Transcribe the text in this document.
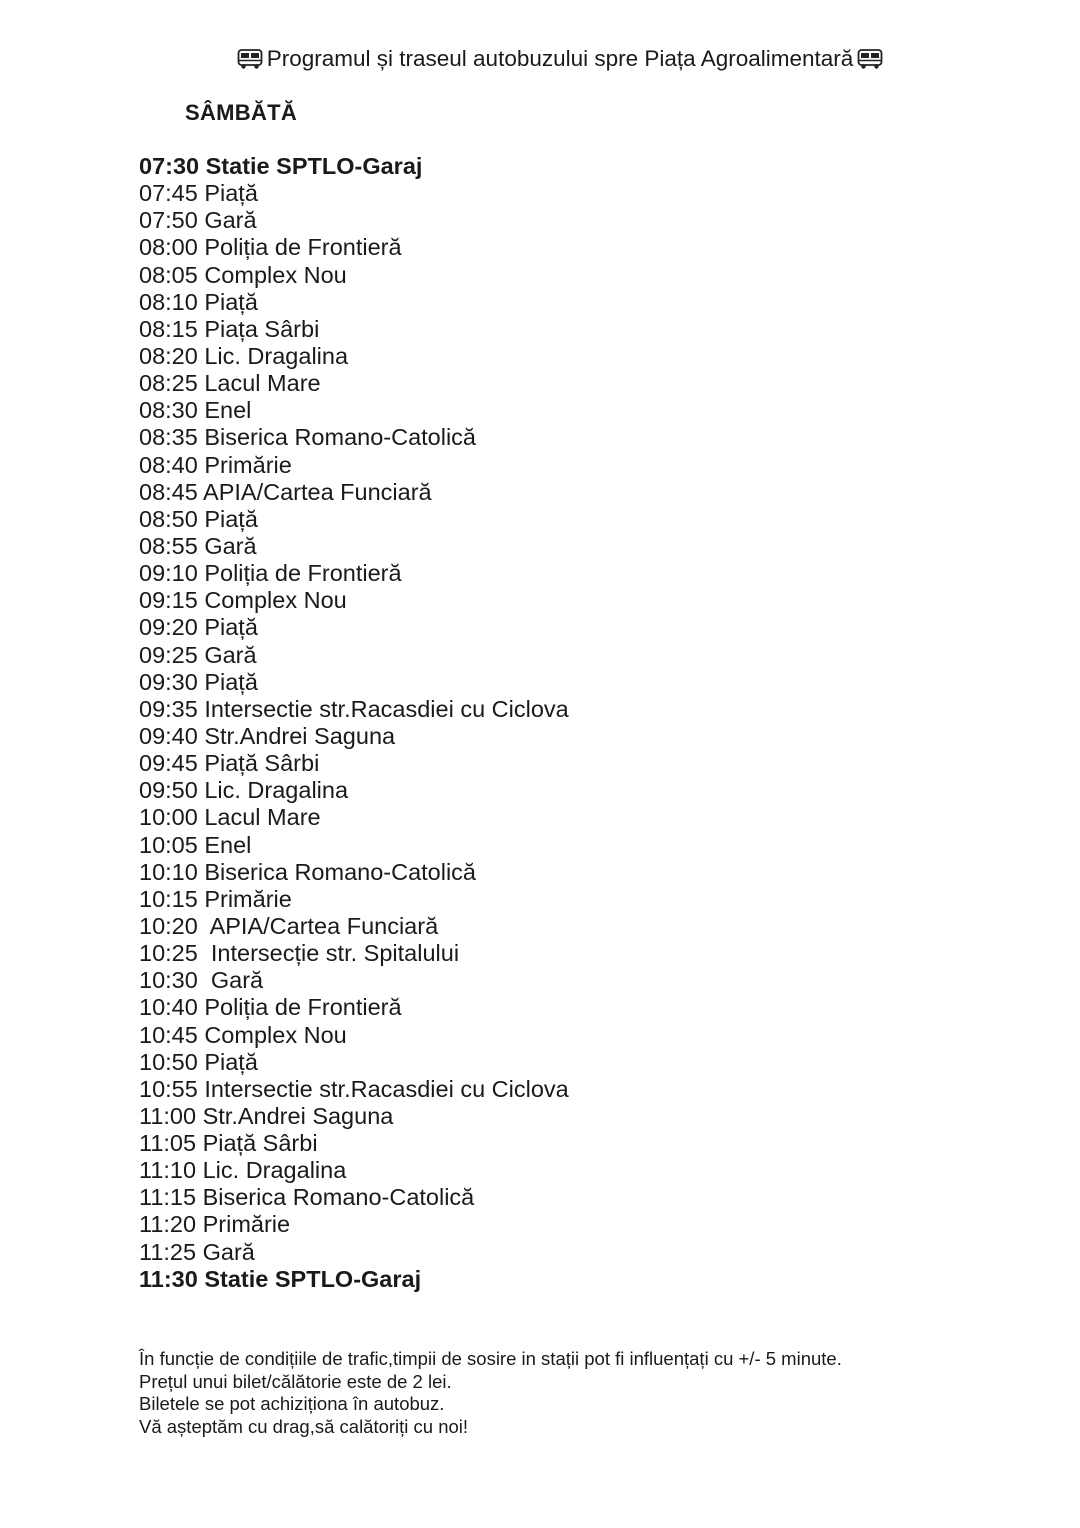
Programul și traseul autobuzului spre Piața Agroalimentară
SÂMBĂTĂ
07:30 Statie SPTLO-Garaj
07:45 Piață
07:50 Gară
08:00 Poliția de Frontieră
08:05 Complex Nou
08:10 Piață
08:15 Piața Sârbi
08:20 Lic. Dragalina
08:25 Lacul Mare
08:30 Enel
08:35 Biserica Romano-Catolică
08:40 Primărie
08:45 APIA/Cartea Funciară
08:50 Piață
08:55 Gară
09:10 Poliția de Frontieră
09:15 Complex Nou
09:20 Piață
09:25 Gară
09:30 Piață
09:35 Intersectie str.Racasdiei cu Ciclova
09:40 Str.Andrei Saguna
09:45 Piață Sârbi
09:50 Lic. Dragalina
10:00 Lacul Mare
10:05 Enel
10:10 Biserica Romano-Catolică
10:15 Primărie
10:20  APIA/Cartea Funciară
10:25  Intersecție str. Spitalului
10:30  Gară
10:40 Poliția de Frontieră
10:45 Complex Nou
10:50 Piață
10:55 Intersectie str.Racasdiei cu Ciclova
11:00 Str.Andrei Saguna
11:05 Piață Sârbi
11:10 Lic. Dragalina
11:15 Biserica Romano-Catolică
11:20 Primărie
11:25 Gară
11:30 Statie SPTLO-Garaj
În funcție de condițiile de trafic,timpii de sosire in stații pot fi influențați cu +/- 5 minute.
Prețul unui bilet/călătorie este de 2 lei.
Biletele se pot achiziționa în autobuz.
Vă așteptăm cu drag,să calătoriți cu noi!
